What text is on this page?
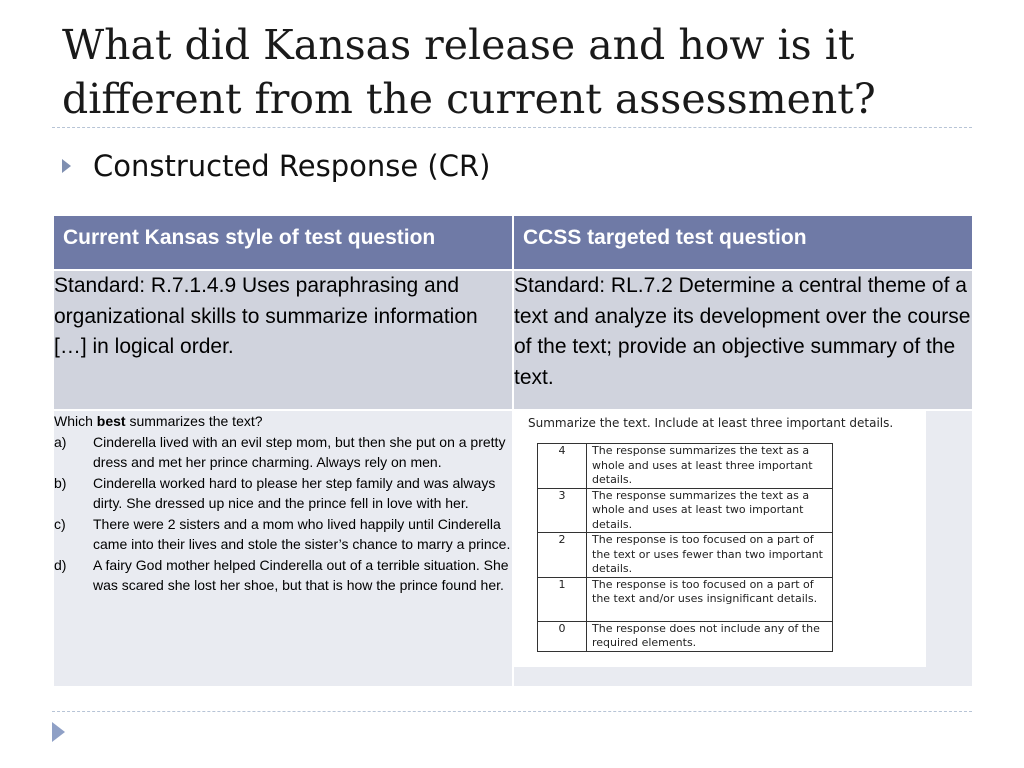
What did Kansas release and how is it
different from the current assessment?
Constructed Response (CR)
Current Kansas style of test question	CCSS targeted test question
Standard: R.7.1.4.9 Uses paraphrasing and organizational skills to summarize information […] in logical order.	Standard: RL.7.2 Determine a central theme of a text and analyze its development over the course of the text; provide an objective summary of the text.

Which best summarizes the text?
a)	Cinderella lived with an evil step mom, but then she put on a pretty dress and met her prince charming. Always rely on men.
b)	Cinderella worked hard to please her step family and was always dirty. She dressed up nice and the prince fell in love with her.
c)	There were 2 sisters and a mom who lived happily until Cinderella came into their lives and stole the sister’s chance to marry a prince.
d)	A fairy God mother helped Cinderella out of a terrible situation. She was scared she lost her shoe, but that is how the prince found her.

Summarize the text. Include at least three important details.
4	The response summarizes the text as a whole and uses at least three important details.
3	The response summarizes the text as a whole and uses at least two important details.
2	The response is too focused on a part of the text or uses fewer than two important details.
1	The response is too focused on a part of the text and/or uses insignificant details.
0	The response does not include any of the required elements.
